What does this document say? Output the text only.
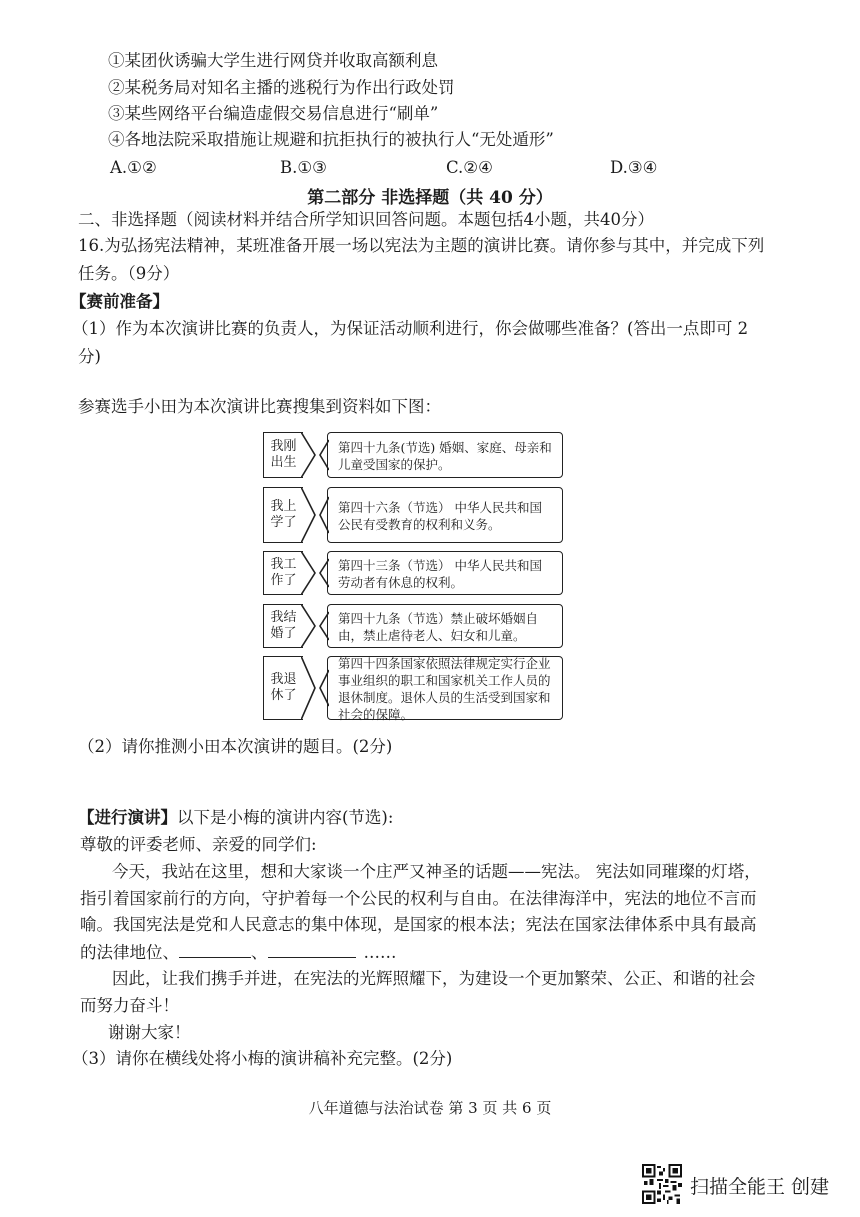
①某团伙诱骗大学生进行网贷并收取高额利息
②某税务局对知名主播的逃税行为作出行政处罚
③某些网络平台编造虚假交易信息进行“刷单”
④各地法院采取措施让规避和抗拒执行的被执行人“无处遁形”
A.①②	B.①③	C.②④	D.③④
第二部分 非选择题（共 40 分）
二、非选择题（阅读材料并结合所学知识回答问题。本题包括4小题，共40分）
16.为弘扬宪法精神，某班准备开展一场以宪法为主题的演讲比赛。请你参与其中，并完成下列
任务。（9分）
【赛前准备】
（1）作为本次演讲比赛的负责人，为保证活动顺利进行，你会做哪些准备？(答出一点即可 2
分)
参赛选手小田为本次演讲比赛搜集到资料如下图：
我刚出生
第四十九条(节选) 婚姻、家庭、母亲和儿童受国家的保护。
我上学了
第四十六条（节选） 中华人民共和国公民有受教育的权利和义务。
我工作了
第四十三条（节选） 中华人民共和国劳动者有休息的权利。
我结婚了
第四十九条（节选）禁止破坏婚姻自由，禁止虐待老人、妇女和儿童。
我退休了
第四十四条国家依照法律规定实行企业事业组织的职工和国家机关工作人员的退休制度。退休人员的生活受到国家和社会的保障。
（2）请你推测小田本次演讲的题目。(2分)
【进行演讲】以下是小梅的演讲内容(节选):
尊敬的评委老师、亲爱的同学们:
今天，我站在这里，想和大家谈一个庄严又神圣的话题——宪法。 宪法如同璀璨的灯塔，
指引着国家前行的方向，守护着每一个公民的权利与自由。在法律海洋中，宪法的地位不言而
喻。我国宪法是党和人民意志的集中体现，是国家的根本法；宪法在国家法律体系中具有最高
的法律地位、	、	……
因此，让我们携手并进，在宪法的光辉照耀下，为建设一个更加繁荣、公正、和谐的社会
而努力奋斗！
谢谢大家！
（3）请你在横线处将小梅的演讲稿补充完整。(2分)
八年道德与法治试卷 第 3 页 共 6 页
扫描全能王 创建
